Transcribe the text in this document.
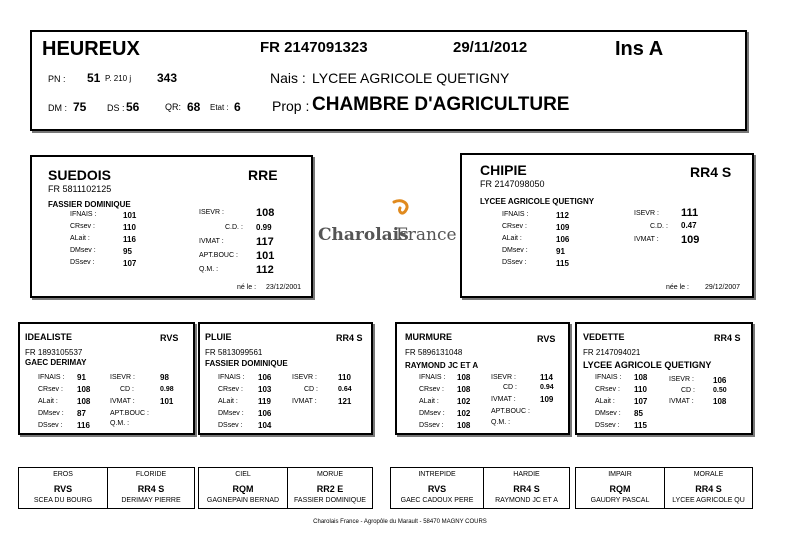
HEUREUX	FR 2147091323	29/11/2012	Ins A
PN : 51 P. 210 j 343	Nais : LYCEE AGRICOLE QUETIGNY
DM : 75 DS : 56	QR: 68 Etat : 6 Prop : CHAMBRE D'AGRICULTURE
SUEDOIS	RRE
FR 5811102125
FASSIER DOMINIQUE
IFNAIS :	101
CRsev :	110
ALait :	116
DMsev :	95
DSsev :	107
ISEVR :	108
C.D. : 0.99
IVMAT :	117
APT.BOUC : 101
Q.M. :	112
né le : 23/12/2001
Charolais
France
CHIPIE	RR4 S
FR 2147098050
LYCEE AGRICOLE QUETIGNY
IFNAIS :	112
CRsev :	109
ALait :	106
DMsev :	91
DSsev :	115
ISEVR : 111
C.D. : 0.47
IVMAT : 109
née le : 29/12/2007
IDEALISTE	RVS
FR 1893105537
GAEC DERIMAY
IFNAIS : 91
CRsev : 108
ALait : 108
DMsev : 87
DSsev : 116
ISEVR :	98
CD :	0.98
IVMAT :	101
APT.BOUC :
Q.M. :
PLUIE	RR4 S
FR 5813099561
FASSIER DOMINIQUE
IFNAIS : 106
CRsev : 103
ALait :	119
DMsev : 106
DSsev : 104
ISEVR :	110
CD :	0.64
IVMAT :	121
MURMURE	RVS
FR 5896131048
RAYMOND JC ET A
IFNAIS : 108
CRsev : 108
ALait : 102
DMsev : 102
DSsev : 108
ISEVR :	114
CD :	0.94
IVMAT :	109
APT.BOUC :
Q.M. :
VEDETTE	RR4 S
FR 2147094021
LYCEE AGRICOLE QUETIGNY
IFNAIS : 108
CRsev : 110
ALait : 107
DMsev : 85
DSsev : 115
ISEVR : 106
CD :	0.50
IVMAT : 108
EROS
RVS
SCEA DU BOURG
FLORIDE
RR4 S
DERIMAY PIERRE
CIEL
RQM
GAGNEPAIN BERNAD
MORUE
RR2 E
FASSIER DOMINIQUE
INTREPIDE
RVS
GAEC CADOUX PERE
HARDIE
RR4 S
RAYMOND JC ET A
IMPAIR
RQM
GAUDRY PASCAL
MORALE
RR4 S
LYCEE AGRICOLE QU
Charolais France - Agropôle du Marault - 58470 MAGNY COURS
